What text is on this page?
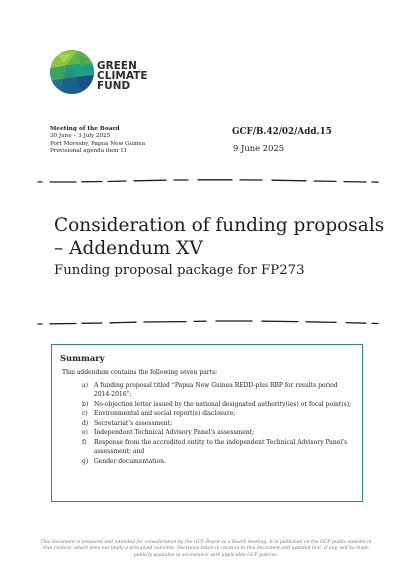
GREEN
CLIMATE
FUND
Meeting of the Board
30 June – 3 July 2025
Port Moresby, Papua New Guinea
Provisional agenda item 11
GCF/B.42/02/Add.15
9 June 2025
Consideration of funding proposals – Addendum XV
Funding proposal package for FP273
Summary
This addendum contains the following seven parts:
a) A funding proposal titled “Papua New Guinea REDD-plus RBP for results period 2014-2016”;
b) No-objection letter issued by the national designated authority(ies) or focal point(s);
c) Environmental and social report(s) disclosure;
d) Secretariat’s assessment;
e) Independent Technical Advisory Panel’s assessment;
f) Response from the accredited entity to the independent Technical Advisory Panel’s assessment; and
g) Gender documentation.
This document is prepared and intended for consideration by the GCF Board as a Board meeting. It is published on the GCF public website in that context, which does not imply a presumed outcome. Decisions taken in relation to this document and updated text, if any, will be made publicly available in accordance with applicable GCF policies.
